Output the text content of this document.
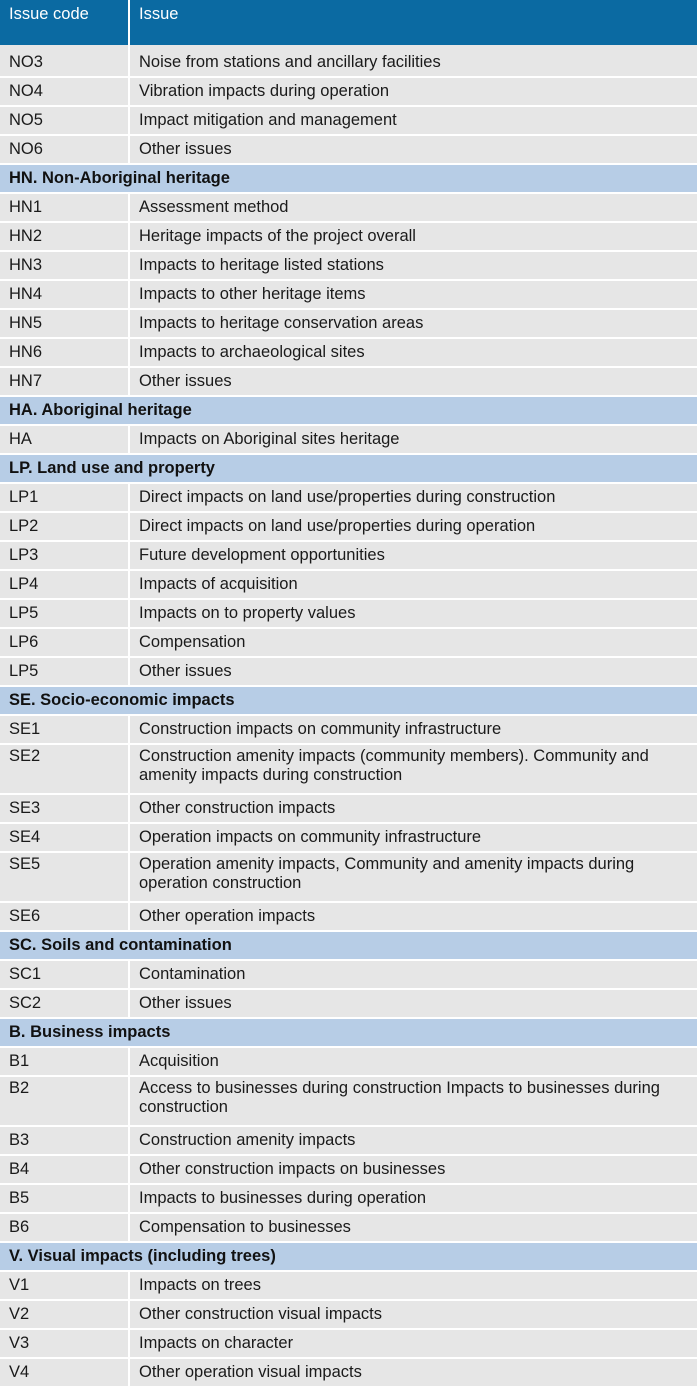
Issue code	Issue
NO3	Noise from stations and ancillary facilities
NO4	Vibration impacts during operation
NO5	Impact mitigation and management
NO6	Other issues
HN. Non-Aboriginal heritage	
HN1	Assessment method
HN2	Heritage impacts of the project overall
HN3	Impacts to heritage listed stations
HN4	Impacts to other heritage items
HN5	Impacts to heritage conservation areas
HN6	Impacts to archaeological sites
HN7	Other issues
HA. Aboriginal heritage	
HA	Impacts on Aboriginal sites heritage
LP. Land use and property	
LP1	Direct impacts on land use/properties during construction
LP2	Direct impacts on land use/properties during operation
LP3	Future development opportunities
LP4	Impacts of acquisition
LP5	Impacts on to property values
LP6	Compensation
LP5	Other issues
SE. Socio-economic impacts	
SE1	Construction impacts on community infrastructure
SE2	Construction amenity impacts (community members). Community and amenity impacts during construction
SE3	Other construction impacts
SE4	Operation impacts on community infrastructure
SE5	Operation amenity impacts, Community and amenity impacts during operation construction
SE6	Other operation impacts
SC. Soils and contamination	
SC1	Contamination
SC2	Other issues
B. Business impacts	
B1	Acquisition
B2	Access to businesses during construction Impacts to businesses during construction
B3	Construction amenity impacts
B4	Other construction impacts on businesses
B5	Impacts to businesses during operation
B6	Compensation to businesses
V. Visual impacts (including trees)	
V1	Impacts on trees
V2	Other construction visual impacts
V3	Impacts on character
V4	Other operation visual impacts
